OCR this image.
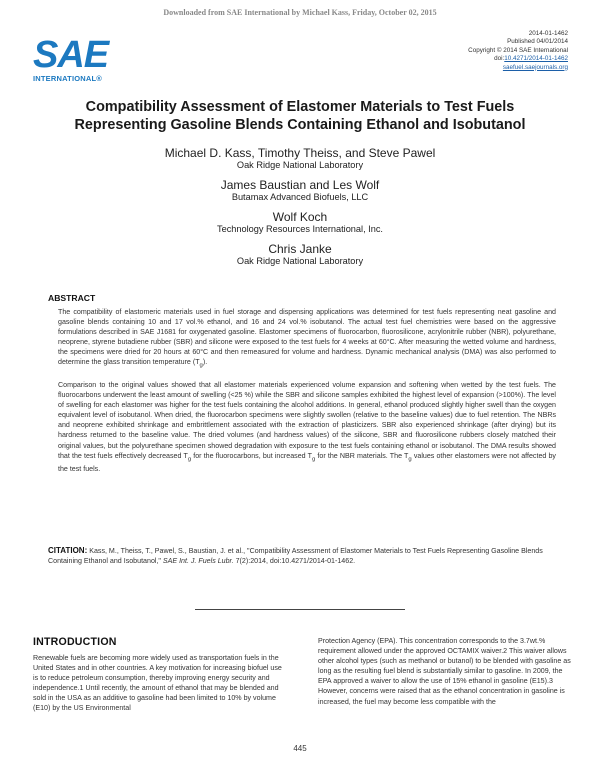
Downloaded from SAE International by Michael Kass, Friday, October 02, 2015
SAE
INTERNATIONAL®
2014-01-1462
Published 04/01/2014
Copyright © 2014 SAE International
doi:10.4271/2014-01-1462
saefuel.saejournals.org
Compatibility Assessment of Elastomer Materials to Test Fuels
Representing Gasoline Blends Containing Ethanol and Isobutanol
Michael D. Kass, Timothy Theiss, and Steve Pawel
Oak Ridge National Laboratory
James Baustian and Les Wolf
Butamax Advanced Biofuels, LLC
Wolf Koch
Technology Resources International, Inc.
Chris Janke
Oak Ridge National Laboratory
ABSTRACT

The compatibility of elastomeric materials used in fuel storage and dispensing applications was determined for test fuels representing neat gasoline and gasoline blends containing 10 and 17 vol.% ethanol, and 16 and 24 vol.% isobutanol. The actual test fuel chemistries were based on the aggressive formulations described in SAE J1681 for oxygenated gasoline. Elastomer specimens of fluorocarbon, fluorosilicone, acrylonitrile rubber (NBR), polyurethane, neoprene, styrene butadiene rubber (SBR) and silicone were exposed to the test fuels for 4 weeks at 60°C. After measuring the wetted volume and hardness, the specimens were dried for 20 hours at 60°C and then remeasured for volume and hardness. Dynamic mechanical analysis (DMA) was also performed to determine the glass transition temperature $(T_g)$.

Comparison to the original values showed that all elastomer materials experienced volume expansion and softening when wetted by the test fuels. The fluorocarbons underwent the least amount of swelling (<25 %) while the SBR and silicone samples exhibited the highest level of expansion (>100%). The level of swelling for each elastomer was higher for the test fuels containing the alcohol additions. In general, ethanol produced slightly higher swell than the oxygen equivalent level of isobutanol. When dried, the fluorocarbon specimens were slightly swollen (relative to the baseline values) due to fuel retention. The NBRs and neoprene exhibited shrinkage and embrittlement associated with the extraction of plasticizers. SBR also experienced shrinkage (after drying) but its hardness returned to the baseline value. The dried volumes (and hardness values) of the silicone, SBR and fluorosilicone rubbers closely matched their original values, but the polyurethane specimen showed degradation with exposure to the test fuels containing ethanol or isobutanol. The DMA results showed that the test fuels effectively decreased $T_g$ for the fluorocarbons, but increased $T_g$ for the NBR materials. The $T_g$ values other elastomers were not affected by the test fuels.

CITATION: Kass, M., Theiss, T., Pawel, S., Baustian, J. et al., "Compatibility Assessment of Elastomer Materials to Test Fuels Representing Gasoline Blends Containing Ethanol and Isobutanol," SAE Int. J. Fuels Lubr. 7(2):2014, doi:10.4271/2014-01-1462.
INTRODUCTION
Renewable fuels are becoming more widely used as transportation fuels in the United States and in other countries. A key motivation for increasing biofuel use is to reduce petroleum consumption, thereby improving energy security and independence.1 Until recently, the amount of ethanol that may be blended and sold in the USA as an additive to gasoline had been limited to 10% by volume (E10) by the US Environmental
Protection Agency (EPA). This concentration corresponds to the 3.7wt.% requirement allowed under the approved OCTAMIX waiver.2 This waiver allows other alcohol types (such as methanol or butanol) to be blended with gasoline as long as the resulting fuel blend is substantially similar to gasoline. In 2009, the EPA approved a waiver to allow the use of 15% ethanol in gasoline (E15).3 However, concerns were raised that as the ethanol concentration in gasoline is increased, the fuel may become less compatible with the
445
